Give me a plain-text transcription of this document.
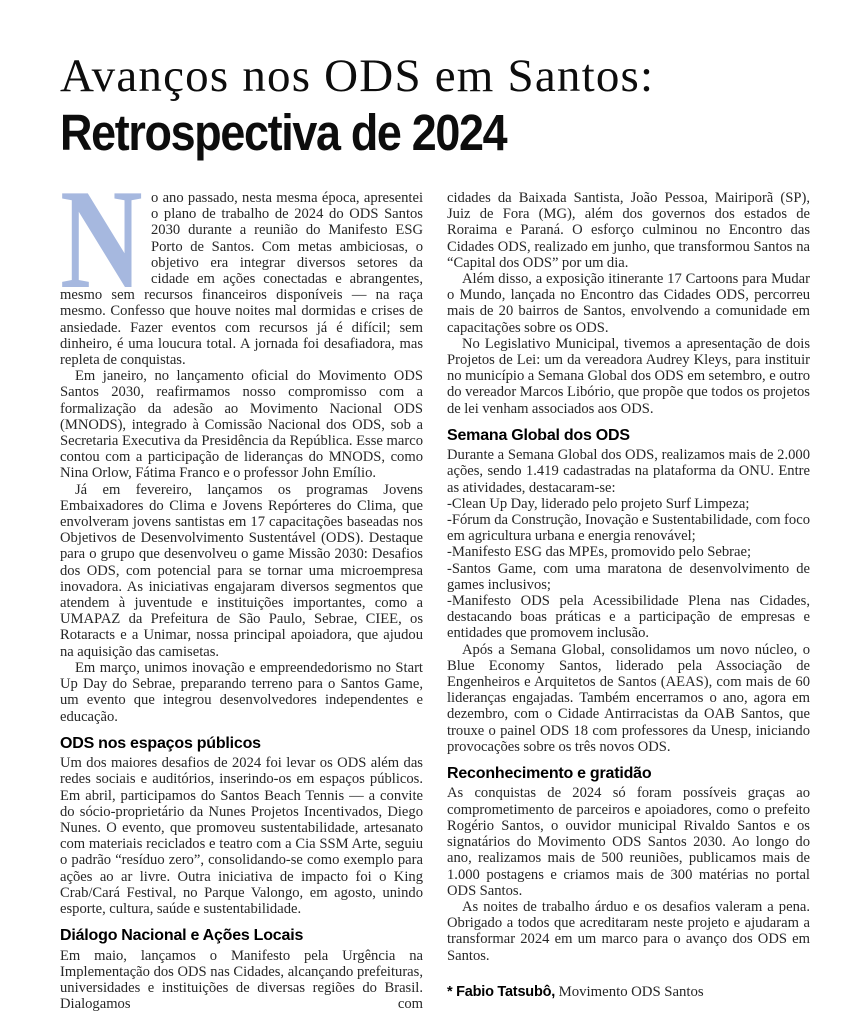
Avanços nos ODS em Santos:
Retrospectiva de 2024

No ano passado, nesta mesma época, apresentei o plano de trabalho de 2024 do ODS Santos 2030 durante a reunião do Manifesto ESG Porto de Santos. Com metas ambiciosas, o objetivo era integrar diversos setores da cidade em ações conectadas e abrangentes, mesmo sem recursos financeiros disponíveis — na raça mesmo. Confesso que houve noites mal dormidas e crises de ansiedade. Fazer eventos com recursos já é difícil; sem dinheiro, é uma loucura total. A jornada foi desafiadora, mas repleta de conquistas.

Em janeiro, no lançamento oficial do Movimento ODS Santos 2030, reafirmamos nosso compromisso com a formalização da adesão ao Movimento Nacional ODS (MNODS), integrado à Comissão Nacional dos ODS, sob a Secretaria Executiva da Presidência da República. Esse marco contou com a participação de lideranças do MNODS, como Nina Orlow, Fátima Franco e o professor John Emílio.

Já em fevereiro, lançamos os programas Jovens Embaixadores do Clima e Jovens Repórteres do Clima, que envolveram jovens santistas em 17 capacitações baseadas nos Objetivos de Desenvolvimento Sustentável (ODS). Destaque para o grupo que desenvolveu o game Missão 2030: Desafios dos ODS, com potencial para se tornar uma microempresa inovadora. As iniciativas engajaram diversos segmentos que atendem à juventude e instituições importantes, como a UMAPAZ da Prefeitura de São Paulo, Sebrae, CIEE, os Rotaracts e a Unimar, nossa principal apoiadora, que ajudou na aquisição das camisetas.

Em março, unimos inovação e empreendedorismo no Start Up Day do Sebrae, preparando terreno para o Santos Game, um evento que integrou desenvolvedores independentes e educação.

ODS nos espaços públicos

Um dos maiores desafios de 2024 foi levar os ODS além das redes sociais e auditórios, inserindo-os em espaços públicos. Em abril, participamos do Santos Beach Tennis — a convite do sócio-proprietário da Nunes Projetos Incentivados, Diego Nunes. O evento, que promoveu sustentabilidade, artesanato com materiais reciclados e teatro com a Cia SSM Arte, seguiu o padrão “resíduo zero”, consolidando-se como exemplo para ações ao ar livre. Outra iniciativa de impacto foi o King Crab/Cará Festival, no Parque Valongo, em agosto, unindo esporte, cultura, saúde e sustentabilidade.

Diálogo Nacional e Ações Locais

Em maio, lançamos o Manifesto pela Urgência na Implementação dos ODS nas Cidades, alcançando prefeituras, universidades e instituições de diversas regiões do Brasil. Dialogamos com

cidades da Baixada Santista, João Pessoa, Mairiporã (SP), Juiz de Fora (MG), além dos governos dos estados de Roraima e Paraná. O esforço culminou no Encontro das Cidades ODS, realizado em junho, que transformou Santos na “Capital dos ODS” por um dia.

Além disso, a exposição itinerante 17 Cartoons para Mudar o Mundo, lançada no Encontro das Cidades ODS, percorreu mais de 20 bairros de Santos, envolvendo a comunidade em capacitações sobre os ODS.

No Legislativo Municipal, tivemos a apresentação de dois Projetos de Lei: um da vereadora Audrey Kleys, para instituir no município a Semana Global dos ODS em setembro, e outro do vereador Marcos Libório, que propõe que todos os projetos de lei venham associados aos ODS.

Semana Global dos ODS

Durante a Semana Global dos ODS, realizamos mais de 2.000 ações, sendo 1.419 cadastradas na plataforma da ONU. Entre as atividades, destacaram-se:

-Clean Up Day, liderado pelo projeto Surf Limpeza;

-Fórum da Construção, Inovação e Sustentabilidade, com foco em agricultura urbana e energia renovável;

-Manifesto ESG das MPEs, promovido pelo Sebrae;

-Santos Game, com uma maratona de desenvolvimento de games inclusivos;

-Manifesto ODS pela Acessibilidade Plena nas Cidades, destacando boas práticas e a participação de empresas e entidades que promovem inclusão.

Após a Semana Global, consolidamos um novo núcleo, o Blue Economy Santos, liderado pela Associação de Engenheiros e Arquitetos de Santos (AEAS), com mais de 60 lideranças engajadas. Também encerramos o ano, agora em dezembro, com o Cidade Antirracistas da OAB Santos, que trouxe o painel ODS 18 com professores da Unesp, iniciando provocações sobre os três novos ODS.

Reconhecimento e gratidão

As conquistas de 2024 só foram possíveis graças ao comprometimento de parceiros e apoiadores, como o prefeito Rogério Santos, o ouvidor municipal Rivaldo Santos e os signatários do Movimento ODS Santos 2030. Ao longo do ano, realizamos mais de 500 reuniões, publicamos mais de 1.000 postagens e criamos mais de 300 matérias no portal ODS Santos.

As noites de trabalho árduo e os desafios valeram a pena. Obrigado a todos que acreditaram neste projeto e ajudaram a transformar 2024 em um marco para o avanço dos ODS em Santos.

* Fabio Tatsubô, Movimento ODS Santos
